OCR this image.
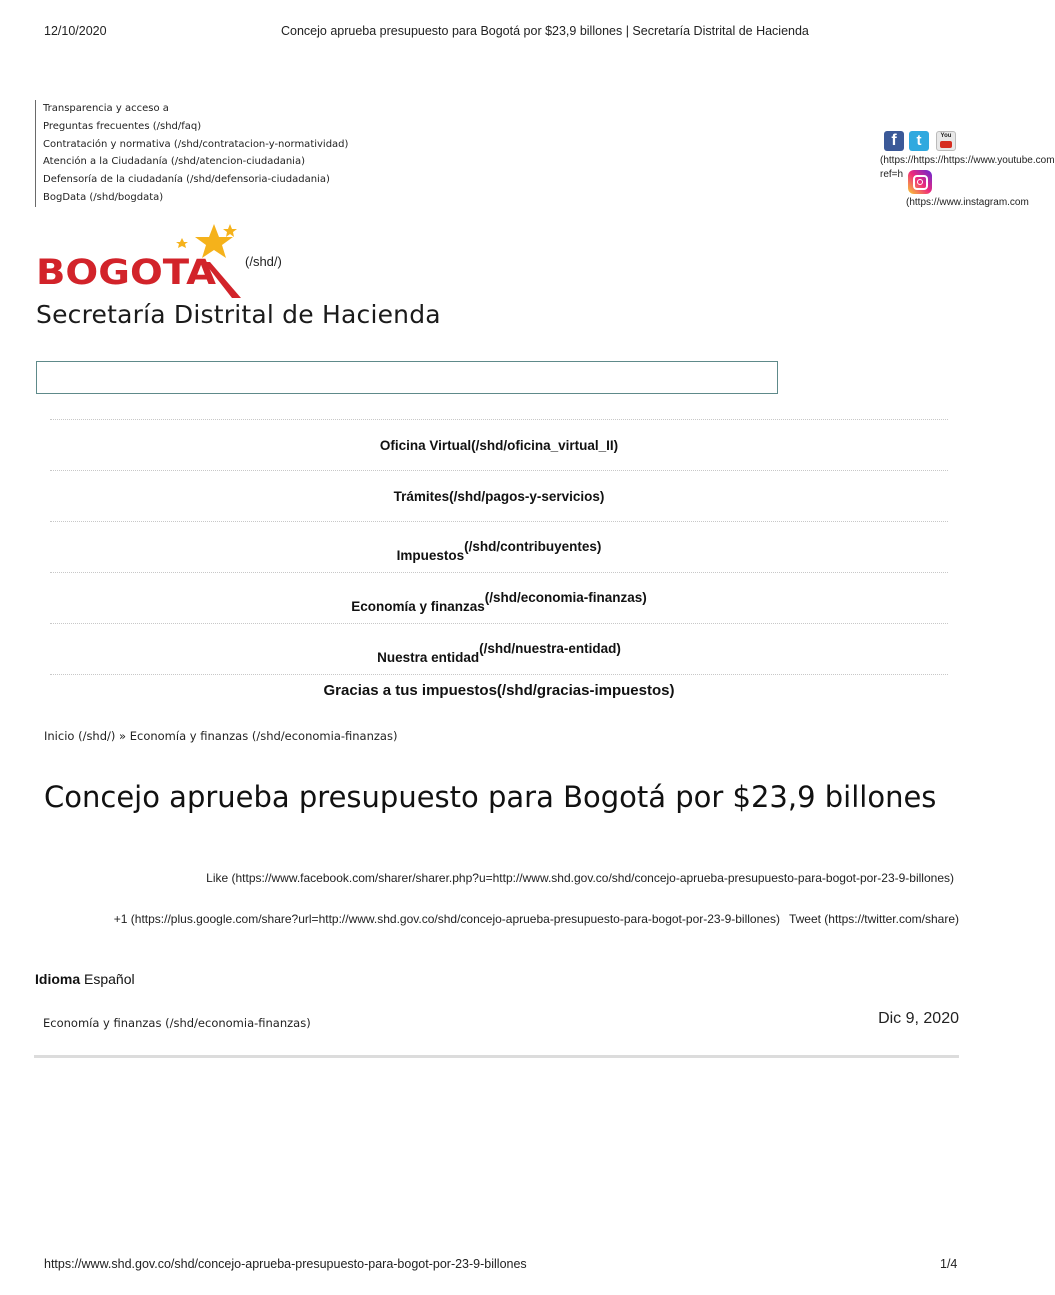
12/10/2020	Concejo aprueba presupuesto para Bogotá por $23,9 billones | Secretaría Distrital de Hacienda
Transparencia y acceso a
Preguntas frecuentes (/shd/faq)
Contratación y normativa (/shd/contratacion-y-normatividad)
Atención a la Ciudadanía (/shd/atencion-ciudadania)
Defensoría de la ciudadanía (/shd/defensoria-ciudadania)
BogData (/shd/bogdata)
f	t	You
(https://https://https://www.youtube.com
ref=h
(https://www.instagram.com
BOGOTA (/shd/)
Secretaría Distrital de Hacienda
Oficina Virtual(/shd/oficina_virtual_II)
Trámites(/shd/pagos-y-servicios)
Impuestos(/shd/contribuyentes)
Economía y finanzas(/shd/economia-finanzas)
Nuestra entidad(/shd/nuestra-entidad)
Gracias a tus impuestos(/shd/gracias-impuestos)
Inicio (/shd/) » Economía y finanzas (/shd/economia-finanzas)
Concejo aprueba presupuesto para Bogotá por $23,9 billones
Like (https://www.facebook.com/sharer/sharer.php?u=http://www.shd.gov.co/shd/concejo-aprueba-presupuesto-para-bogot-por-23-9-billones)
+1 (https://plus.google.com/share?url=http://www.shd.gov.co/shd/concejo-aprueba-presupuesto-para-bogot-por-23-9-billones) Tweet (https://twitter.com/share)
Idioma Español
Economía y finanzas (/shd/economia-finanzas)	Dic 9, 2020
https://www.shd.gov.co/shd/concejo-aprueba-presupuesto-para-bogot-por-23-9-billones	1/4
